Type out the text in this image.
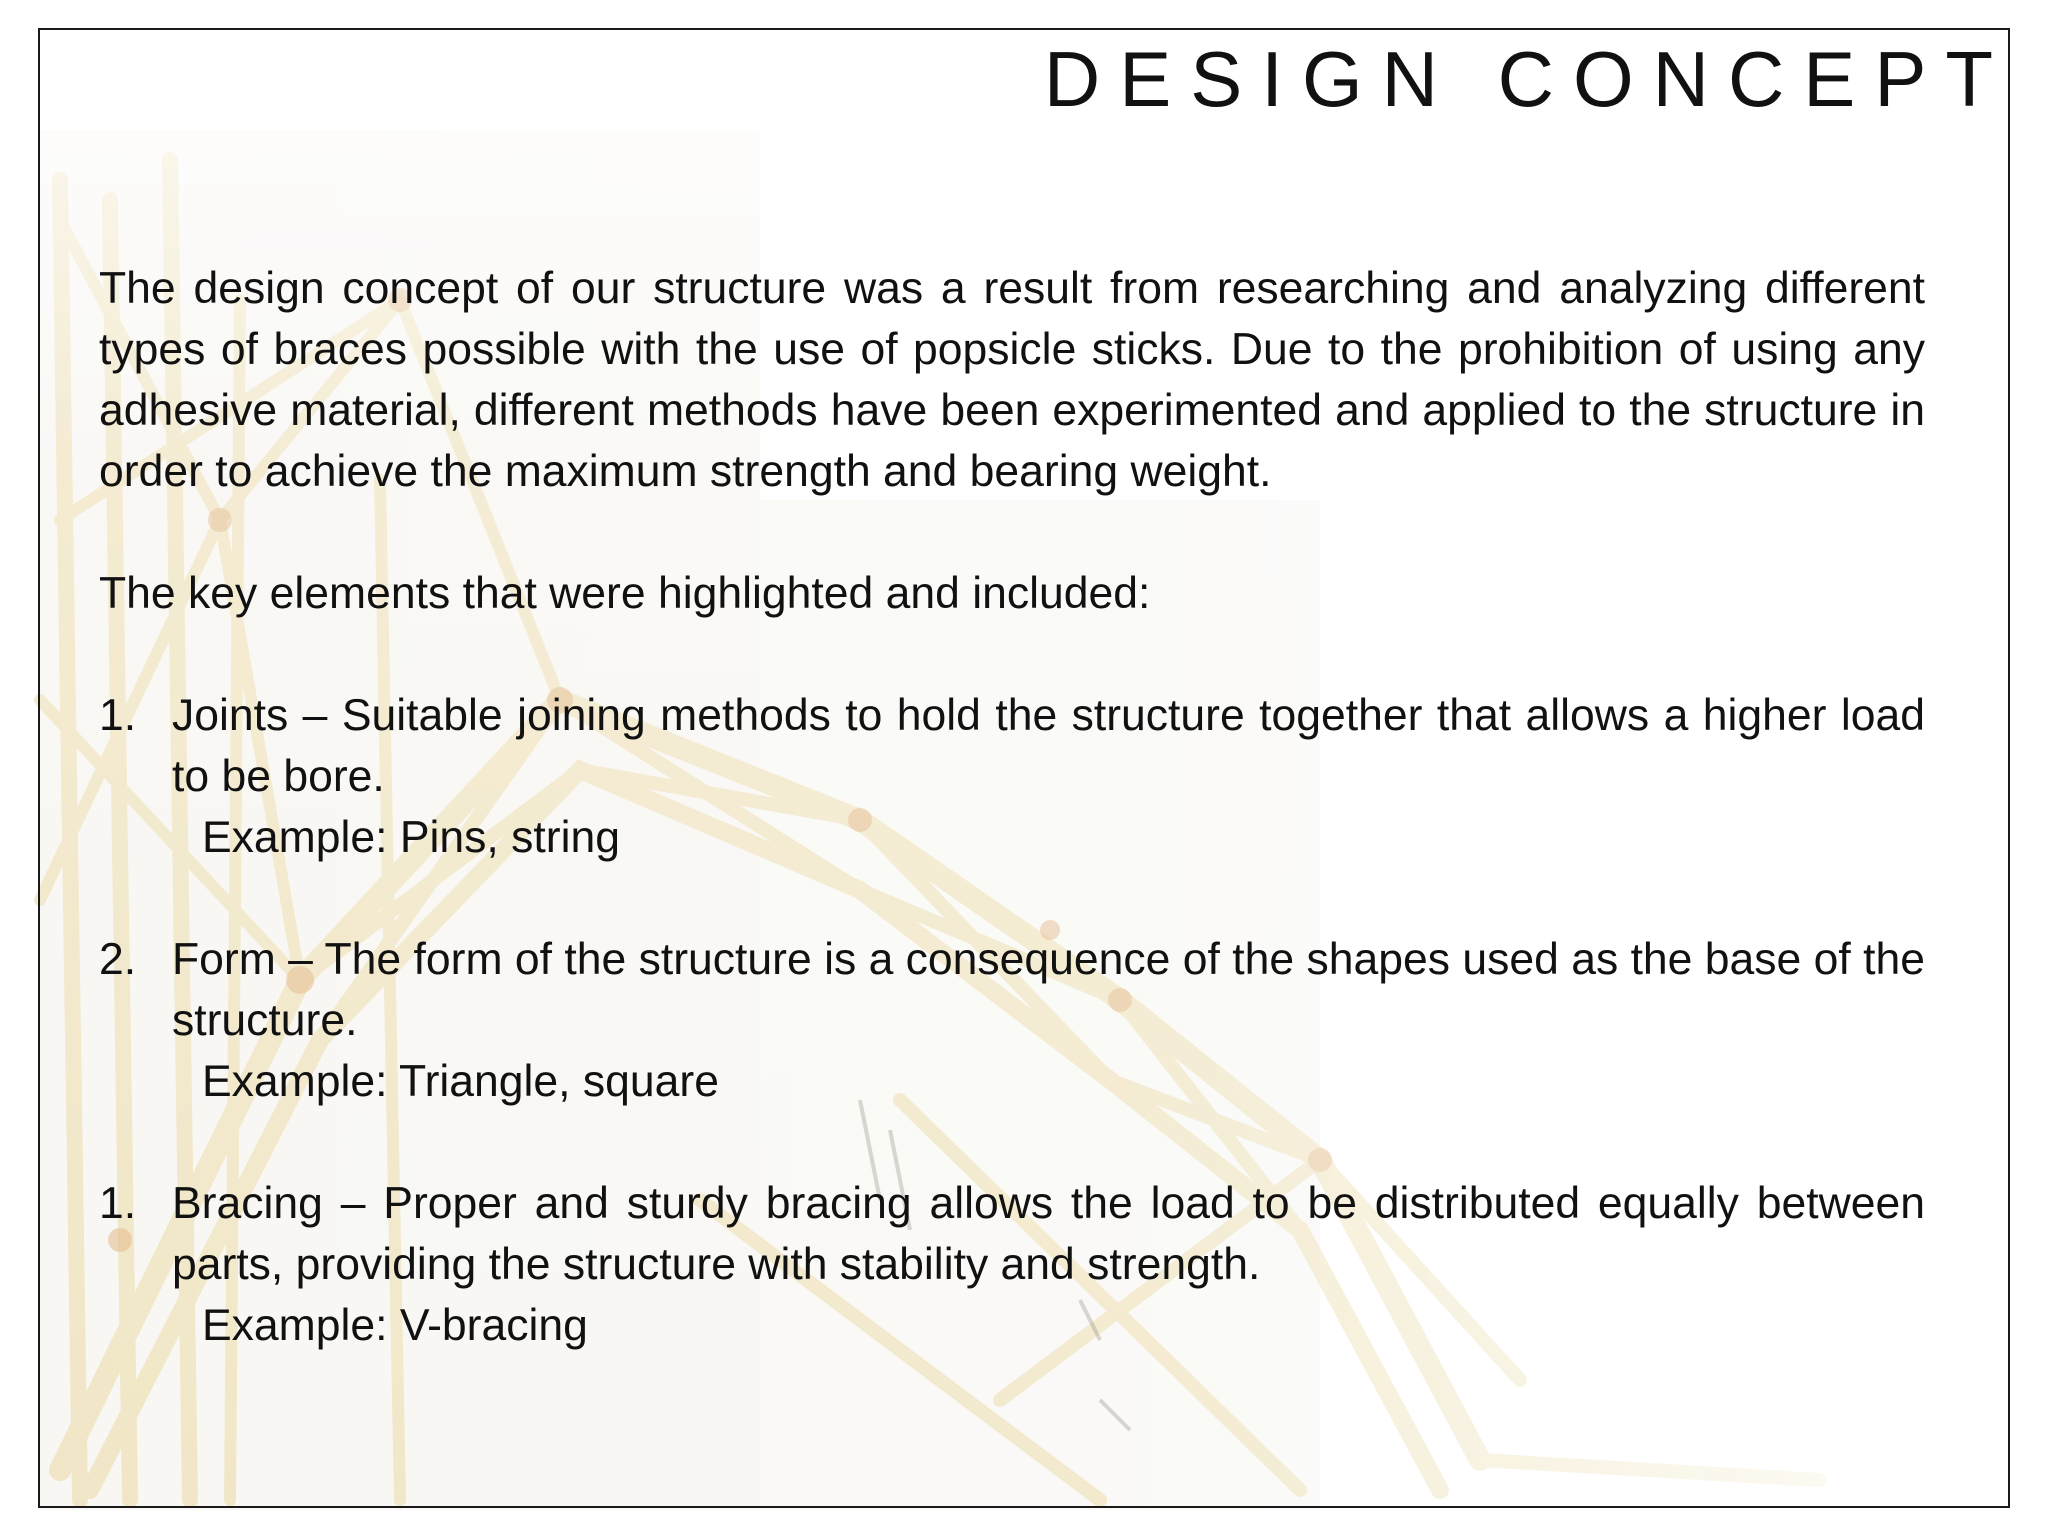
DESIGN CONCEPT

The design concept of our structure was a result from researching and analyzing different types of braces possible with the use of popsicle sticks. Due to the prohibition of using any adhesive material, different methods have been experimented and applied to the structure in order to achieve the maximum strength and bearing weight.

The key elements that were highlighted and included:

1. Joints – Suitable joining methods to hold the structure together that allows a higher load to be bore.

Example: Pins, string

2. Form – The form of the structure is a consequence of the shapes used as the base of the structure.

Example: Triangle, square

1. Bracing – Proper and sturdy bracing allows the load to be distributed equally between parts, providing the structure with stability and strength.

Example: V-bracing
